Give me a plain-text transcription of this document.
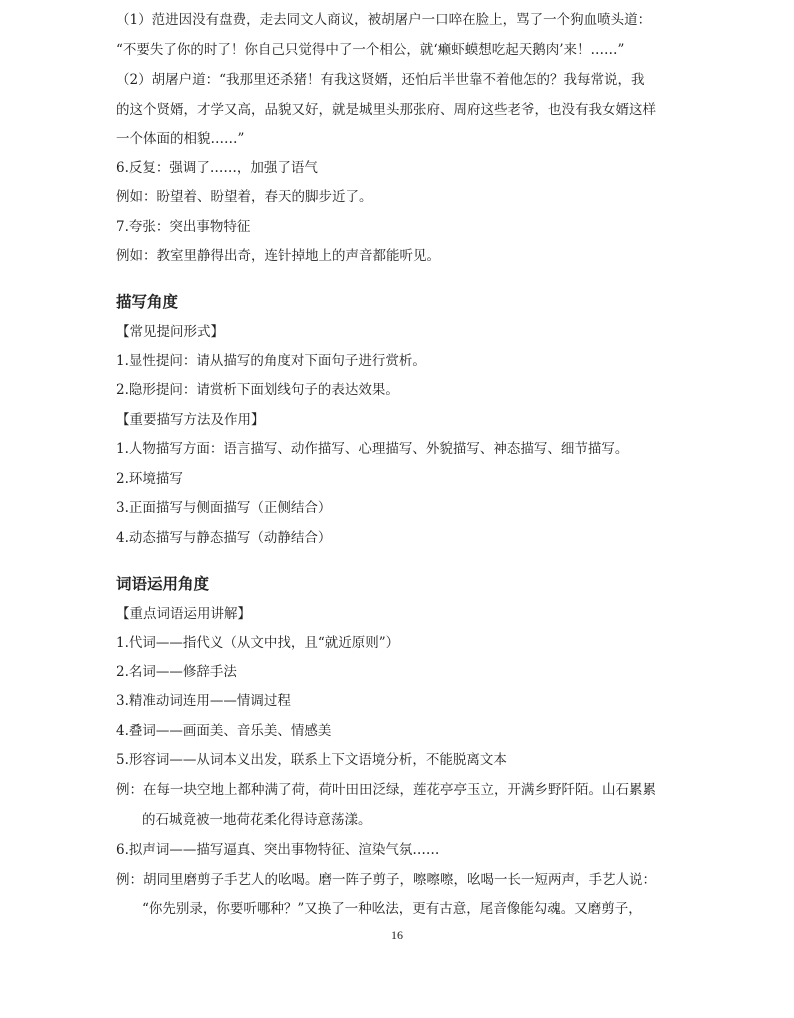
（1）范进因没有盘费，走去同文人商议，被胡屠户一口啐在脸上，骂了一个狗血喷头道：
“不要失了你的时了！你自己只觉得中了一个相公，就‘癞虾蟆想吃起天鹅肉’来！……”
（2）胡屠户道：“我那里还杀猪！有我这贤婿，还怕后半世靠不着他怎的？我每常说，我
的这个贤婿，才学又高，品貌又好，就是城里头那张府、周府这些老爷，也没有我女婿这样
一个体面的相貌……”
6.反复：强调了……，加强了语气
例如：盼望着、盼望着，春天的脚步近了。
7.夸张：突出事物特征
例如：教室里静得出奇，连针掉地上的声音都能听见。
描写角度
【常见提问形式】
1.显性提问：请从描写的角度对下面句子进行赏析。
2.隐形提问：请赏析下面划线句子的表达效果。
【重要描写方法及作用】
1.人物描写方面：语言描写、动作描写、心理描写、外貌描写、神态描写、细节描写。
2.环境描写
3.正面描写与侧面描写（正侧结合）
4.动态描写与静态描写（动静结合）
词语运用角度
【重点词语运用讲解】
1.代词——指代义（从文中找，且“就近原则”）
2.名词——修辞手法
3.精准动词连用——情调过程
4.叠词——画面美、音乐美、情感美
5.形容词——从词本义出发，联系上下文语境分析，不能脱离文本
例：在每一块空地上都种满了荷，荷叶田田泛绿，莲花亭亭玉立，开满乡野阡陌。山石累累
的石城竟被一地荷花柔化得诗意荡漾。
6.拟声词——描写逼真、突出事物特征、渲染气氛……
例：胡同里磨剪子手艺人的吆喝。磨一阵子剪子，嚓嚓嚓，吆喝一长一短两声，手艺人说：
“你先别录，你要听哪种？”又换了一种吆法，更有古意，尾音像能勾魂。又磨剪子，
16
